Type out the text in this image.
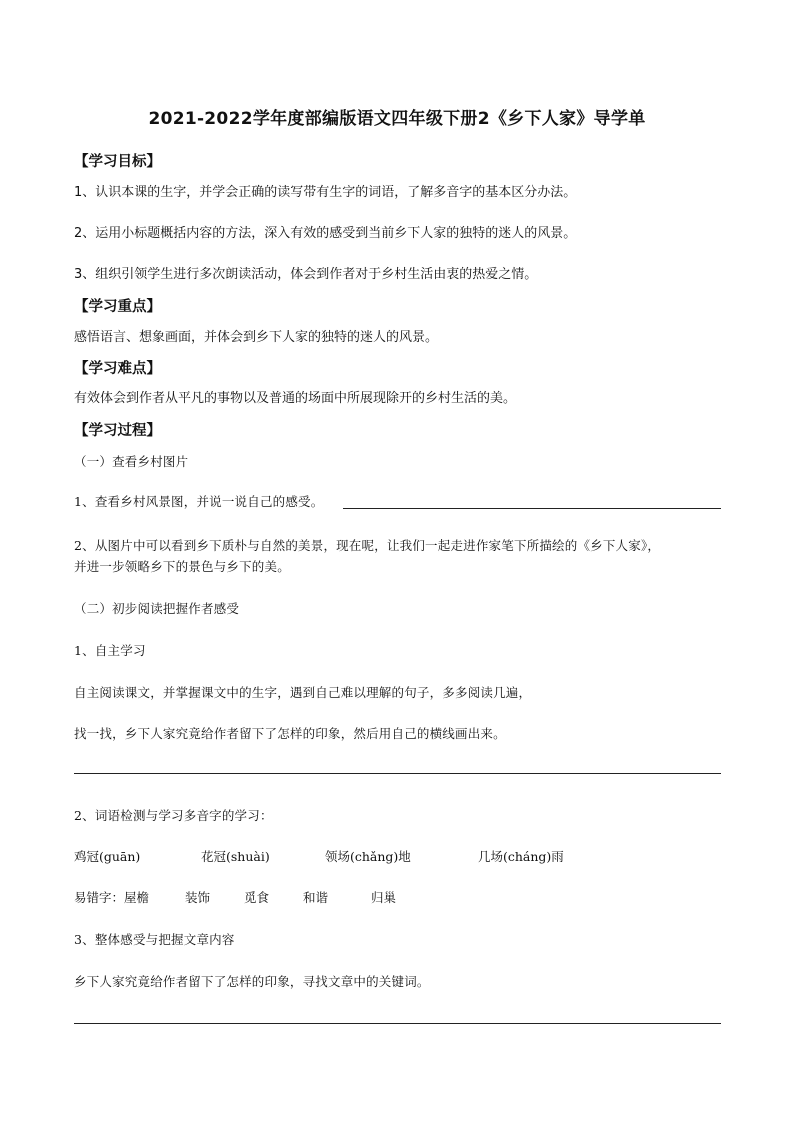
2021-2022学年度部编版语文四年级下册2《乡下人家》导学单
【学习目标】
1、认识本课的生字，并学会正确的读写带有生字的词语，了解多音字的基本区分办法。
2、运用小标题概括内容的方法，深入有效的感受到当前乡下人家的独特的迷人的风景。
3、组织引领学生进行多次朗读活动，体会到作者对于乡村生活由衷的热爱之情。
【学习重点】
感悟语言、想象画面，并体会到乡下人家的独特的迷人的风景。
【学习难点】
有效体会到作者从平凡的事物以及普通的场面中所展现除开的乡村生活的美。
【学习过程】
（一）查看乡村图片
1、查看乡村风景图，并说一说自己的感受。
2、从图片中可以看到乡下质朴与自然的美景，现在呢，让我们一起走进作家笔下所描绘的《乡下人家》，
并进一步领略乡下的景色与乡下的美。
（二）初步阅读把握作者感受
1、自主学习
自主阅读课文，并掌握课文中的生字，遇到自己难以理解的句子，多多阅读几遍，
找一找，乡下人家究竟给作者留下了怎样的印象，然后用自己的横线画出来。
2、词语检测与学习多音字的学习：
鸡冠(guān)	花冠(shuài)	领场(chǎng)地	几场(cháng)雨
易错字：屋檐	装饰	觅食	和谐	归巢
3、整体感受与把握文章内容
乡下人家究竟给作者留下了怎样的印象，寻找文章中的关键词。
